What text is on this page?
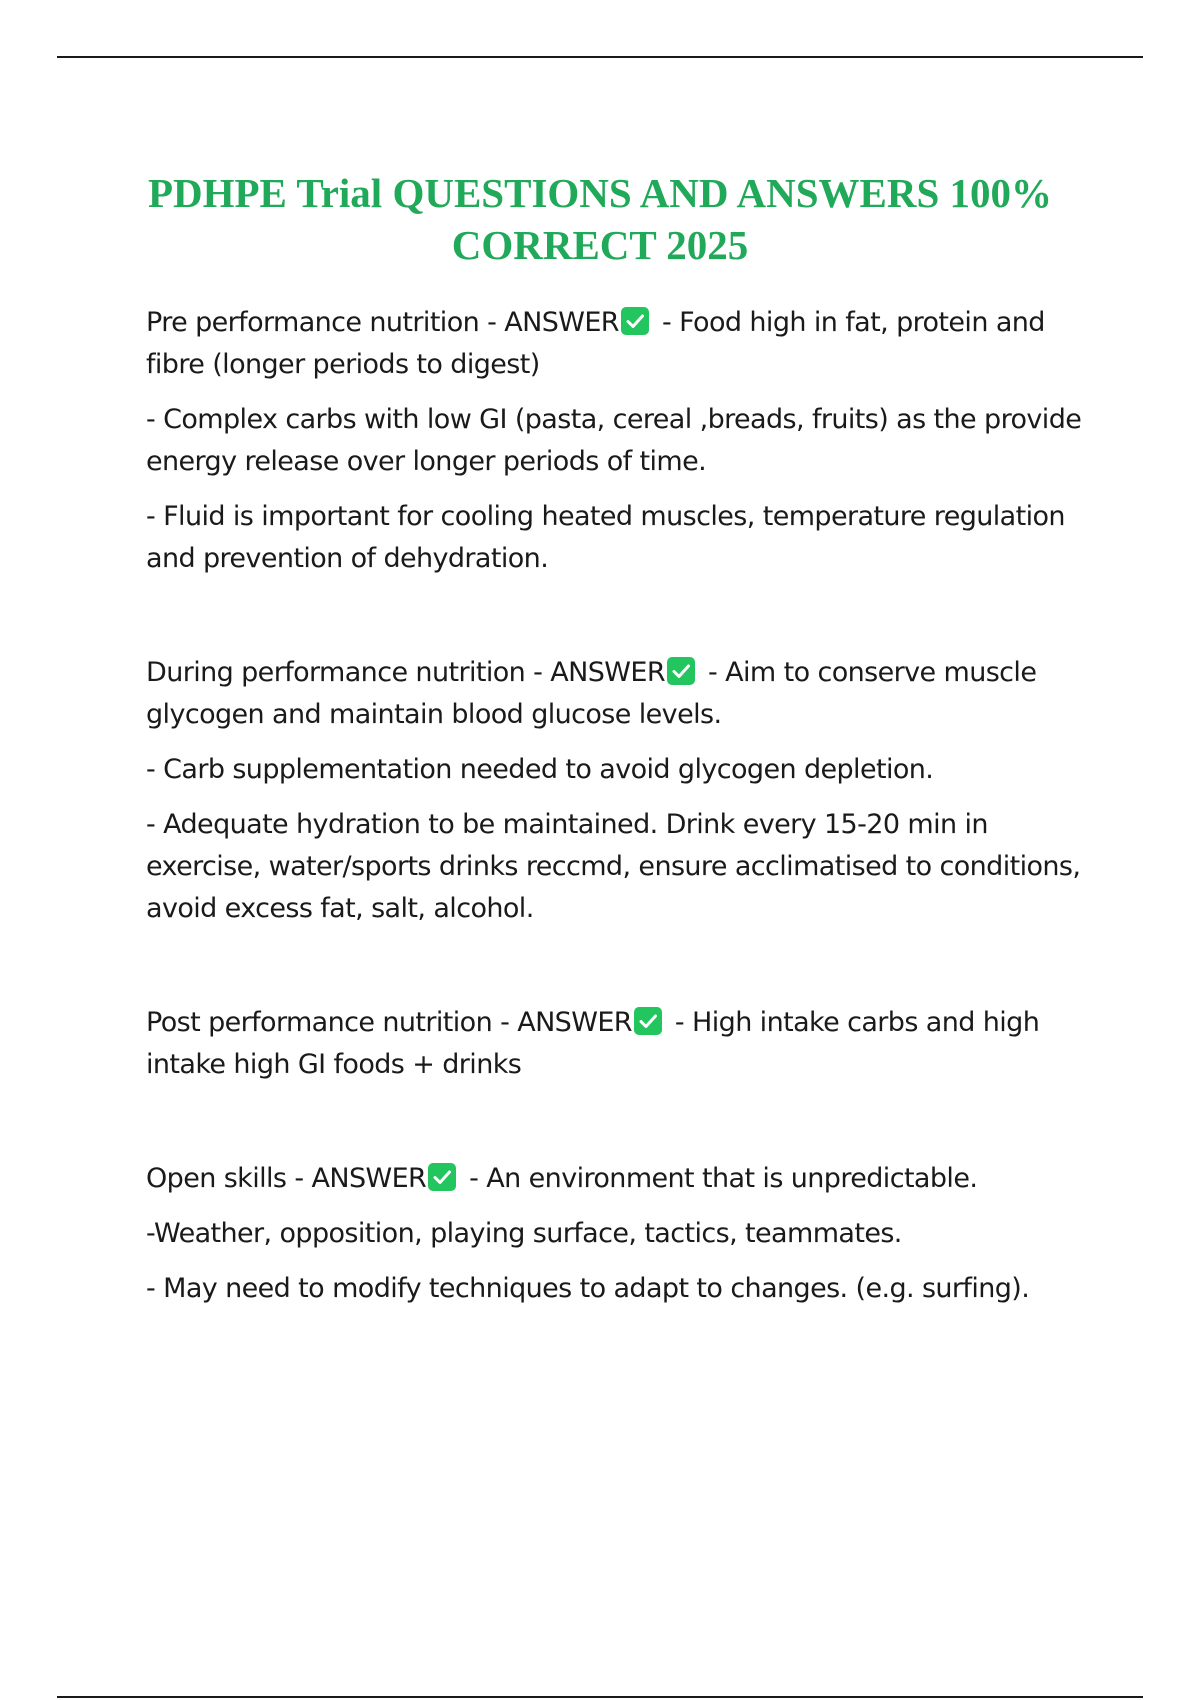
PDHPE Trial QUESTIONS AND ANSWERS 100% CORRECT 2025
Pre performance nutrition - ANSWER - Food high in fat, protein and fibre (longer periods to digest)
- Complex carbs with low GI (pasta, cereal ,breads, fruits) as the provide energy release over longer periods of time.
- Fluid is important for cooling heated muscles, temperature regulation and prevention of dehydration.
During performance nutrition - ANSWER - Aim to conserve muscle glycogen and maintain blood glucose levels.
- Carb supplementation needed to avoid glycogen depletion.
- Adequate hydration to be maintained. Drink every 15-20 min in exercise, water/sports drinks reccmd, ensure acclimatised to conditions, avoid excess fat, salt, alcohol.
Post performance nutrition - ANSWER - High intake carbs and high intake high GI foods + drinks
Open skills - ANSWER - An environment that is unpredictable.
-Weather, opposition, playing surface, tactics, teammates.
- May need to modify techniques to adapt to changes. (e.g. surfing).
